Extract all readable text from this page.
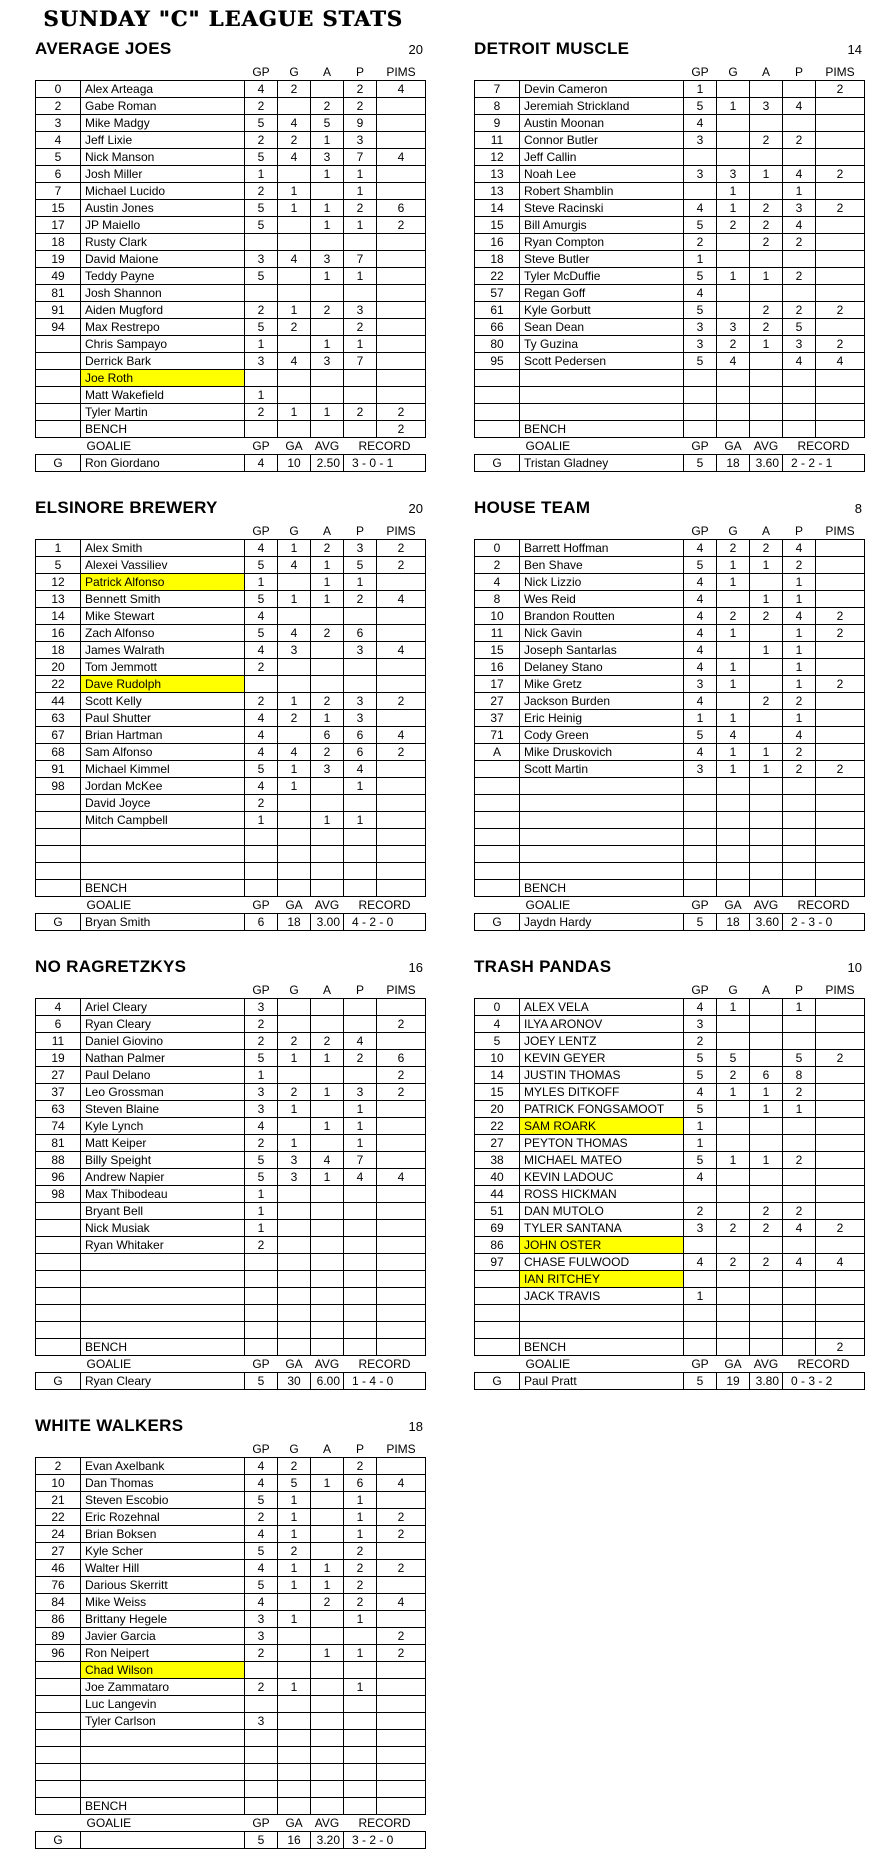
SUNDAY "C" LEAGUE STATS
AVERAGE JOES	20
		GP	G	A	P	PIMS
0	Alex Arteaga	4	2		2	4
2	Gabe Roman	2		2	2	
3	Mike Madgy	5	4	5	9	
4	Jeff Lixie	2	2	1	3	
5	Nick Manson	5	4	3	7	4
6	Josh Miller	1		1	1	
7	Michael Lucido	2	1		1	
15	Austin Jones	5	1	1	2	6
17	JP Maiello	5		1	1	2
18	Rusty Clark					
19	David Maione	3	4	3	7	
49	Teddy Payne	5		1	1	
81	Josh Shannon					
91	Aiden Mugford	2	1	2	3	
94	Max Restrepo	5	2		2	
	Chris Sampayo	1		1	1	
	Derrick Bark	3	4	3	7	
	Joe Roth					
	Matt Wakefield	1				
	Tyler Martin	2	1	1	2	2
	BENCH					2
	GOALIE	GP	GA	AVG	RECORD	
G	Ron Giordano	4	10	2.50	3 - 0 - 1	
DETROIT MUSCLE	14
		GP	G	A	P	PIMS
7	Devin Cameron	1				2
8	Jeremiah Strickland	5	1	3	4	
9	Austin Moonan	4				
11	Connor Butler	3		2	2	
12	Jeff Callin					
13	Noah Lee	3	3	1	4	2
13	Robert Shamblin		1		1	
14	Steve Racinski	4	1	2	3	2
15	Bill Amurgis	5	2	2	4	
16	Ryan Compton	2		2	2	
18	Steve Butler	1				
22	Tyler McDuffie	5	1	1	2	
57	Regan Goff	4				
61	Kyle Gorbutt	5		2	2	2
66	Sean Dean	3	3	2	5	
80	Ty Guzina	3	2	1	3	2
95	Scott Pedersen	5	4		4	4

	BENCH					
	GOALIE	GP	GA	AVG	RECORD	
G	Tristan Gladney	5	18	3.60	2 - 2 - 1	
ELSINORE BREWERY	20
		GP	G	A	P	PIMS
1	Alex Smith	4	1	2	3	2
5	Alexei Vassiliev	5	4	1	5	2
12	Patrick Alfonso	1		1	1	
13	Bennett Smith	5	1	1	2	4
14	Mike Stewart	4				
16	Zach Alfonso	5	4	2	6	
18	James Walrath	4	3		3	4
20	Tom Jemmott	2				
22	Dave Rudolph					
44	Scott Kelly	2	1	2	3	2
63	Paul Shutter	4	2	1	3	
67	Brian Hartman	4		6	6	4
68	Sam Alfonso	4	4	2	6	2
91	Michael Kimmel	5	1	3	4	
98	Jordan McKee	4	1		1	
	David Joyce	2				
	Mitch Campbell	1		1	1	

	BENCH					
	GOALIE	GP	GA	AVG	RECORD	
G	Bryan Smith	6	18	3.00	4 - 2 - 0	
HOUSE TEAM	8
		GP	G	A	P	PIMS
0	Barrett Hoffman	4	2	2	4	
2	Ben Shave	5	1	1	2	
4	Nick Lizzio	4	1		1	
8	Wes Reid	4		1	1	
10	Brandon Routten	4	2	2	4	2
11	Nick Gavin	4	1		1	2
15	Joseph Santarlas	4		1	1	
16	Delaney Stano	4	1		1	
17	Mike Gretz	3	1		1	2
27	Jackson Burden	4		2	2	
37	Eric Heinig	1	1		1	
71	Cody Green	5	4		4	
A	Mike Druskovich	4	1	1	2	
	Scott Martin	3	1	1	2	2

	BENCH					
	GOALIE	GP	GA	AVG	RECORD	
G	Jaydn Hardy	5	18	3.60	2 - 3 - 0	
NO RAGRETZKYS	16
		GP	G	A	P	PIMS
4	Ariel Cleary	3				
6	Ryan Cleary	2				2
11	Daniel Giovino	2	2	2	4	
19	Nathan Palmer	5	1	1	2	6
27	Paul Delano	1				2
37	Leo Grossman	3	2	1	3	2
63	Steven Blaine	3	1		1	
74	Kyle Lynch	4		1	1	
81	Matt Keiper	2	1		1	
88	Billy Speight	5	3	4	7	
96	Andrew Napier	5	3	1	4	4
98	Max Thibodeau	1				
	Bryant Bell	1				
	Nick Musiak	1				
	Ryan Whitaker	2				

	BENCH					
	GOALIE	GP	GA	AVG	RECORD	
G	Ryan Cleary	5	30	6.00	1 - 4 - 0	
TRASH PANDAS	10
		GP	G	A	P	PIMS
0	ALEX VELA	4	1		1	
4	ILYA ARONOV	3				
5	JOEY LENTZ	2				
10	KEVIN GEYER	5	5		5	2
14	JUSTIN THOMAS	5	2	6	8	
15	MYLES DITKOFF	4	1	1	2	
20	PATRICK FONGSAMOOT	5		1	1	
22	SAM ROARK	1				
27	PEYTON THOMAS	1				
38	MICHAEL MATEO	5	1	1	2	
40	KEVIN LADOUC	4				
44	ROSS HICKMAN					
51	DAN MUTOLO	2		2	2	
69	TYLER SANTANA	3	2	2	4	2
86	JOHN OSTER					
97	CHASE FULWOOD	4	2	2	4	4
	IAN RITCHEY					
	JACK TRAVIS	1				

	BENCH					2
	GOALIE	GP	GA	AVG	RECORD	
G	Paul Pratt	5	19	3.80	0 - 3 - 2	
WHITE WALKERS	18
		GP	G	A	P	PIMS
2	Evan Axelbank	4	2		2	
10	Dan Thomas	4	5	1	6	4
21	Steven Escobio	5	1		1	
22	Eric Rozehnal	2	1		1	2
24	Brian Boksen	4	1		1	2
27	Kyle Scher	5	2		2	
46	Walter Hill	4	1	1	2	2
76	Darious Skerritt	5	1	1	2	
84	Mike Weiss	4		2	2	4
86	Brittany Hegele	3	1		1	
89	Javier Garcia	3				2
96	Ron Neipert	2		1	1	2
	Chad Wilson					
	Joe Zammataro	2	1		1	
	Luc Langevin					
	Tyler Carlson	3				

	BENCH					
	GOALIE	GP	GA	AVG	RECORD	
G		5	16	3.20	3 - 2 - 0	
